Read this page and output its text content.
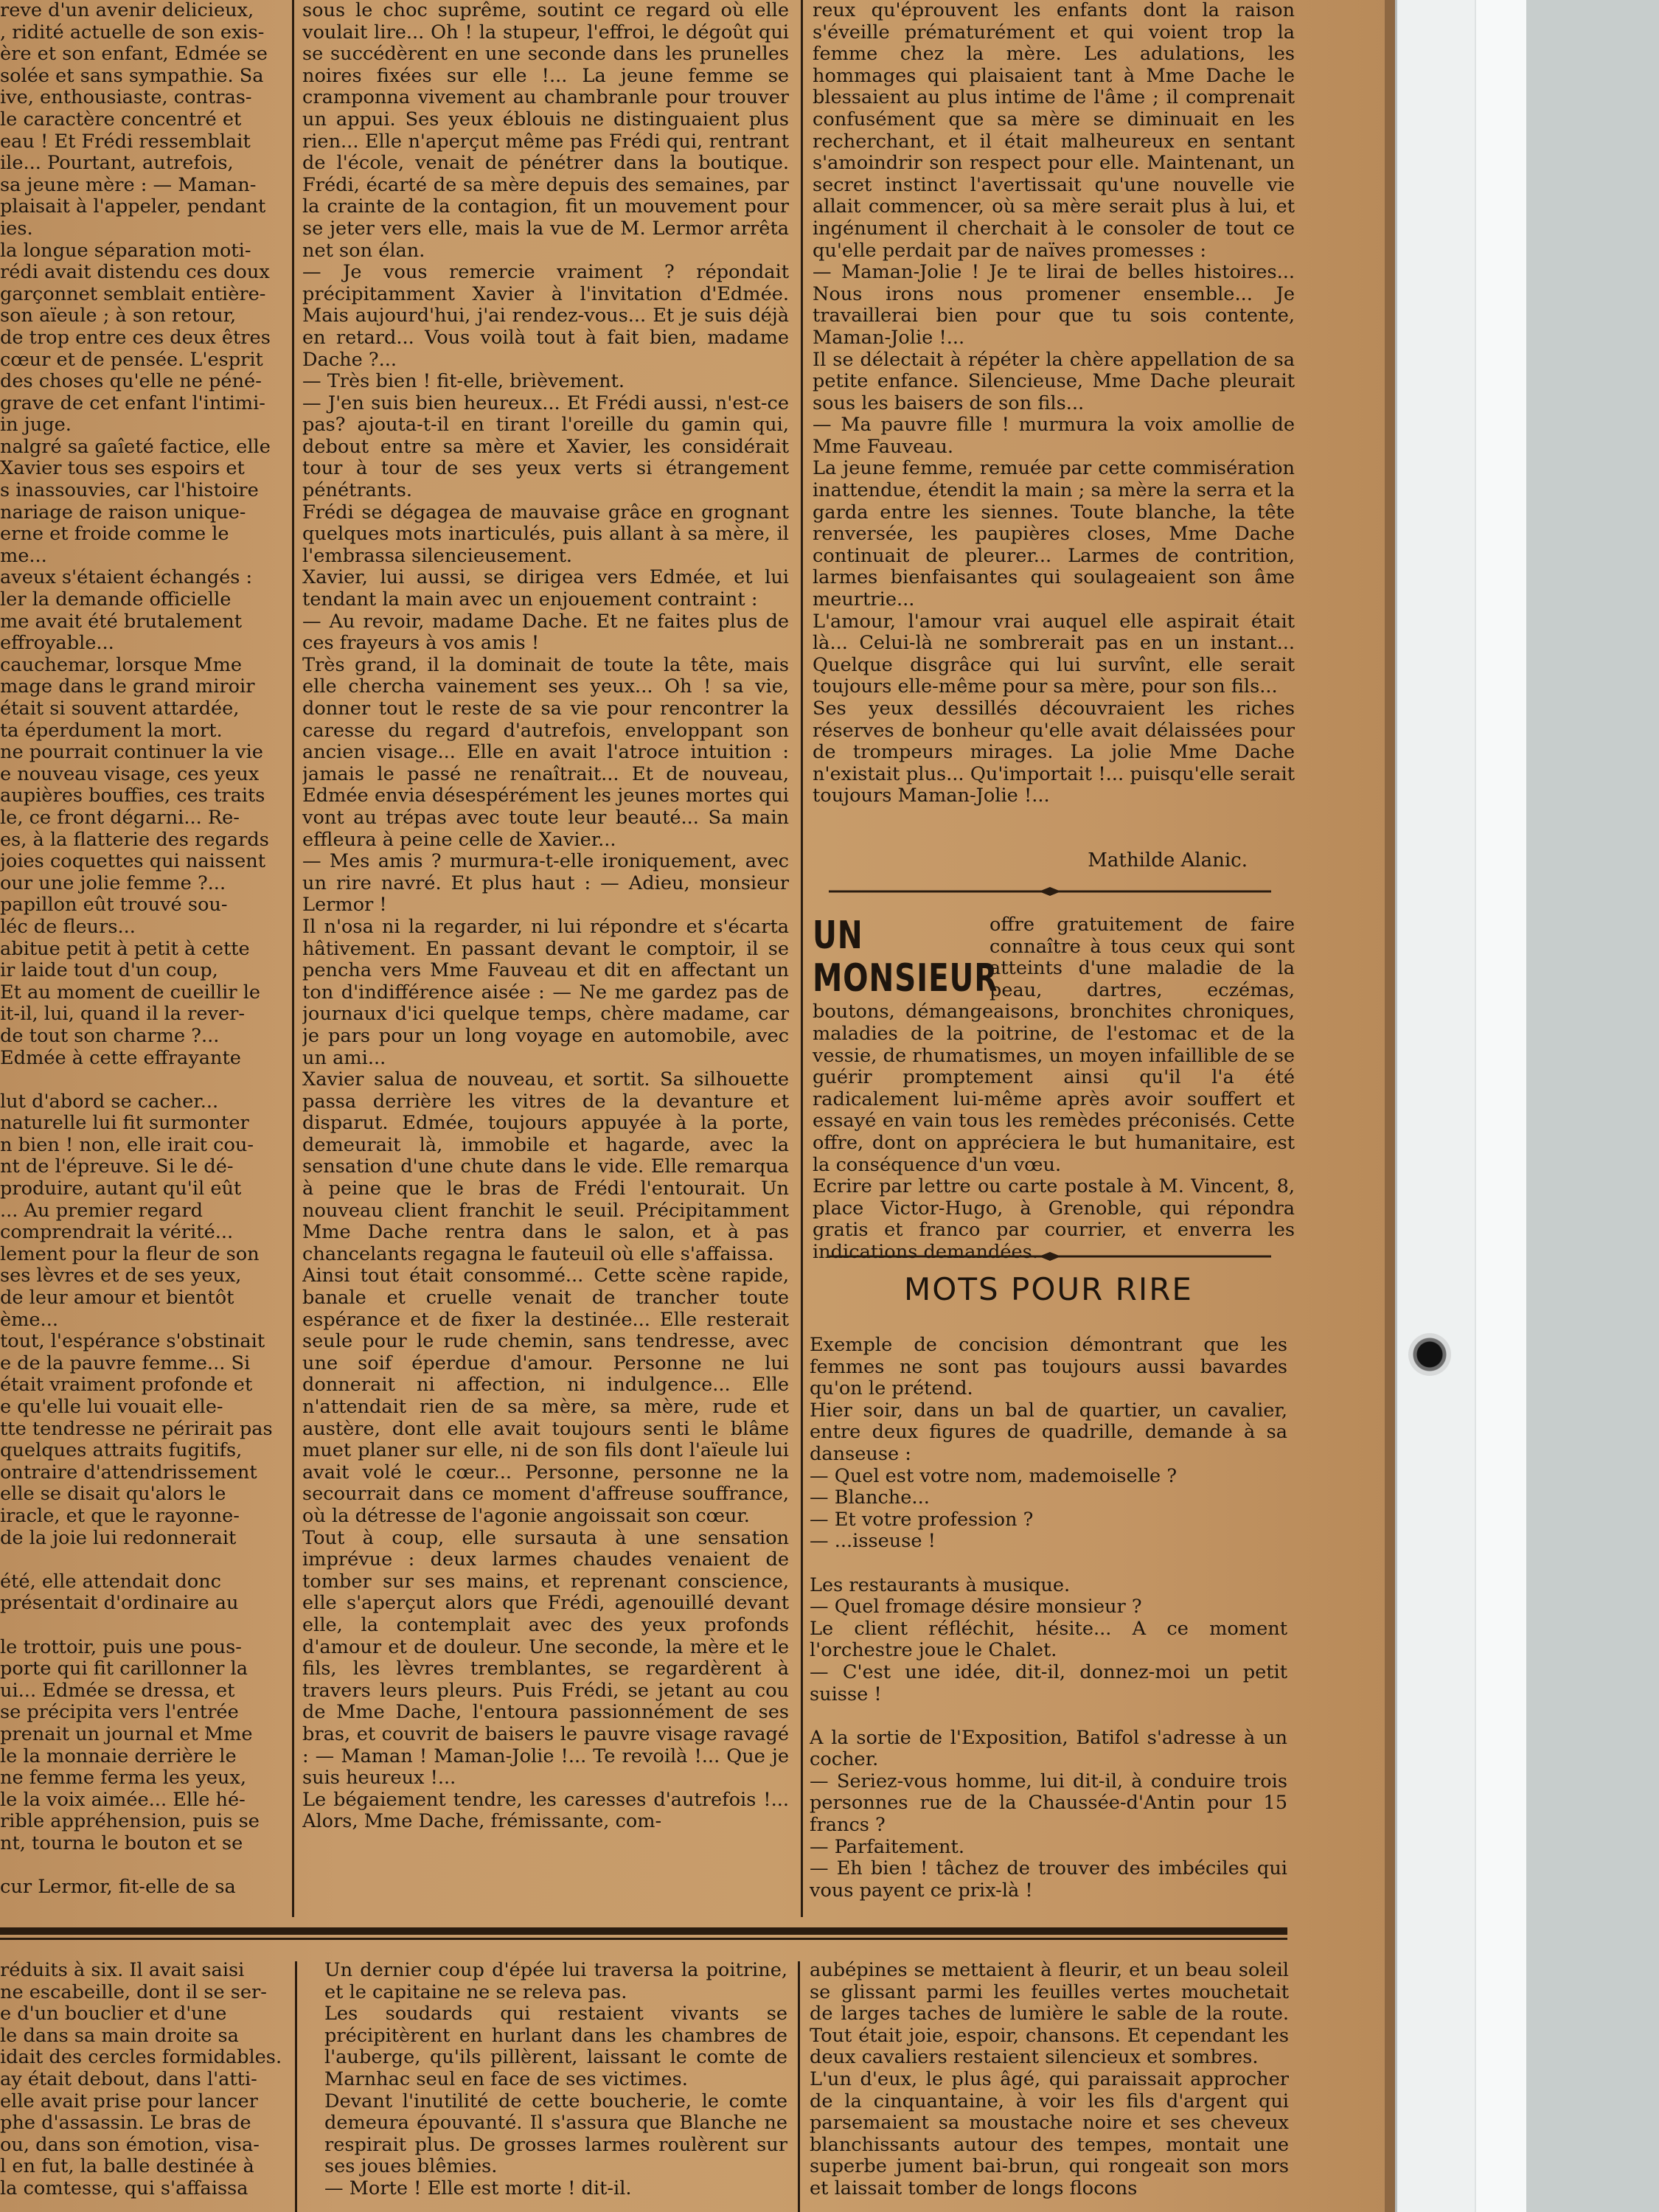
reve d'un avenir delicieux,
, ridité actuelle de son exis-
ère et son enfant, Edmée se
solée et sans sympathie. Sa
ive, enthousiaste, contras-
le caractère concentré et
eau ! Et Frédi ressemblait
ile... Pourtant, autrefois,
sa jeune mère : — Maman-
plaisait à l'appeler, pendant
ies.
la longue séparation moti-
rédi avait distendu ces doux
garçonnet semblait entière-
son aïeule ; à son retour,
de trop entre ces deux êtres
cœur et de pensée. L'esprit
des choses qu'elle ne péné-
grave de cet enfant l'intimi-
in juge.
nalgré sa gaîeté factice, elle
Xavier tous ses espoirs et
s inassouvies, car l'histoire
nariage de raison unique-
erne et froide comme le
me...
aveux s'étaient échangés :
ler la demande officielle
me avait été brutalement
effroyable...
cauchemar, lorsque Mme
mage dans le grand miroir
était si souvent attardée,
ta éperdument la mort.
ne pourrait continuer la vie
e nouveau visage, ces yeux
aupières bouffies, ces traits
le, ce front dégarni... Re-
es, à la flatterie des regards
joies coquettes qui naissent
our une jolie femme ?...
papillon eût trouvé sou-
léc de fleurs...
abitue petit à petit à cette
ir laide tout d'un coup,
Et au moment de cueillir le
it-il, lui, quand il la rever-
de tout son charme ?...
Edmée à cette effrayante

lut d'abord se cacher...
naturelle lui fit surmonter
n bien ! non, elle irait cou-
nt de l'épreuve. Si le dé-
produire, autant qu'il eût
... Au premier regard
comprendrait la vérité...
lement pour la fleur de son
ses lèvres et de ses yeux,
de leur amour et bientôt
ème...
tout, l'espérance s'obstinait
e de la pauvre femme... Si
était vraiment profonde et
e qu'elle lui vouait elle-
tte tendresse ne périrait pas
quelques attraits fugitifs,
ontraire d'attendrissement
elle se disait qu'alors le
iracle, et que le rayonne-
de la joie lui redonnerait

été, elle attendait donc
présentait d'ordinaire au

le trottoir, puis une pous-
porte qui fit carillonner la
ui... Edmée se dressa, et
se précipita vers l'entrée
prenait un journal et Mme
le la monnaie derrière le
ne femme ferma les yeux,
le la voix aimée... Elle hé-
rible appréhension, puis se
nt, tourna le bouton et se

cur Lermor, fit-elle de sa
sous le choc suprême, soutint ce regard où elle voulait lire... Oh ! la stupeur, l'effroi, le dégoût qui se succédèrent en une seconde dans les prunelles noires fixées sur elle !... La jeune femme se cramponna vivement au chambranle pour trouver un appui. Ses yeux éblouis ne distinguaient plus rien... Elle n'aperçut même pas Frédi qui, rentrant de l'école, venait de pénétrer dans la boutique. Frédi, écarté de sa mère depuis des semaines, par la crainte de la contagion, fit un mouvement pour se jeter vers elle, mais la vue de M. Lermor arrêta net son élan.
— Je vous remercie vraiment ? répondait précipitamment Xavier à l'invitation d'Edmée. Mais aujourd'hui, j'ai rendez-vous... Et je suis déjà en retard... Vous voilà tout à fait bien, madame Dache ?...
— Très bien ! fit-elle, brièvement.
— J'en suis bien heureux... Et Frédi aussi, n'est-ce pas? ajouta-t-il en tirant l'oreille du gamin qui, debout entre sa mère et Xavier, les considérait tour à tour de ses yeux verts si étrangement pénétrants.
Frédi se dégagea de mauvaise grâce en grognant quelques mots inarticulés, puis allant à sa mère, il l'embrassa silencieusement.
Xavier, lui aussi, se dirigea vers Edmée, et lui tendant la main avec un enjouement contraint :
— Au revoir, madame Dache. Et ne faites plus de ces frayeurs à vos amis !
Très grand, il la dominait de toute la tête, mais elle chercha vainement ses yeux... Oh ! sa vie, donner tout le reste de sa vie pour rencontrer la caresse du regard d'autrefois, enveloppant son ancien visage... Elle en avait l'atroce intuition : jamais le passé ne renaîtrait... Et de nouveau, Edmée envia désespérément les jeunes mortes qui vont au trépas avec toute leur beauté... Sa main effleura à peine celle de Xavier...
— Mes amis ? murmura-t-elle ironiquement, avec un rire navré. Et plus haut : — Adieu, monsieur Lermor !
Il n'osa ni la regarder, ni lui répondre et s'écarta hâtivement. En passant devant le comptoir, il se pencha vers Mme Fauveau et dit en affectant un ton d'indifférence aisée : — Ne me gardez pas de journaux d'ici quelque temps, chère madame, car je pars pour un long voyage en automobile, avec un ami...
Xavier salua de nouveau, et sortit. Sa silhouette passa derrière les vitres de la devanture et disparut. Edmée, toujours appuyée à la porte, demeurait là, immobile et hagarde, avec la sensation d'une chute dans le vide. Elle remarqua à peine que le bras de Frédi l'entourait. Un nouveau client franchit le seuil. Précipitamment Mme Dache rentra dans le salon, et à pas chancelants regagna le fauteuil où elle s'affaissa.
Ainsi tout était consommé... Cette scène rapide, banale et cruelle venait de trancher toute espérance et de fixer la destinée... Elle resterait seule pour le rude chemin, sans tendresse, avec une soif éperdue d'amour. Personne ne lui donnerait ni affection, ni indulgence... Elle n'attendait rien de sa mère, sa mère, rude et austère, dont elle avait toujours senti le blâme muet planer sur elle, ni de son fils dont l'aïeule lui avait volé le cœur... Personne, personne ne la secourrait dans ce moment d'affreuse souffrance, où la détresse de l'agonie angoissait son cœur.
Tout à coup, elle sursauta à une sensation imprévue : deux larmes chaudes venaient de tomber sur ses mains, et reprenant conscience, elle s'aperçut alors que Frédi, agenouillé devant elle, la contemplait avec des yeux profonds d'amour et de douleur. Une seconde, la mère et le fils, les lèvres tremblantes, se regardèrent à travers leurs pleurs. Puis Frédi, se jetant au cou de Mme Dache, l'entoura passionnément de ses bras, et couvrit de baisers le pauvre visage ravagé : — Maman ! Maman-Jolie !... Te revoilà !... Que je suis heureux !...
Le bégaiement tendre, les caresses d'autrefois !... Alors, Mme Dache, frémissante, com-
reux qu'éprouvent les enfants dont la raison s'éveille prématurément et qui voient trop la femme chez la mère. Les adulations, les hommages qui plaisaient tant à Mme Dache le blessaient au plus intime de l'âme ; il comprenait confusément que sa mère se diminuait en les recherchant, et il était malheureux en sentant s'amoindrir son respect pour elle. Maintenant, un secret instinct l'avertissait qu'une nouvelle vie allait commencer, où sa mère serait plus à lui, et ingénument il cherchait à le consoler de tout ce qu'elle perdait par de naïves promesses :
— Maman-Jolie ! Je te lirai de belles histoires... Nous irons nous promener ensemble... Je travaillerai bien pour que tu sois contente, Maman-Jolie !...
Il se délectait à répéter la chère appellation de sa petite enfance. Silencieuse, Mme Dache pleurait sous les baisers de son fils...
— Ma pauvre fille ! murmura la voix amollie de Mme Fauveau.
La jeune femme, remuée par cette commisération inattendue, étendit la main ; sa mère la serra et la garda entre les siennes. Toute blanche, la tête renversée, les paupières closes, Mme Dache continuait de pleurer... Larmes de contrition, larmes bienfaisantes qui soulageaient son âme meurtrie...
L'amour, l'amour vrai auquel elle aspirait était là... Celui-là ne sombrerait pas en un instant... Quelque disgrâce qui lui survînt, elle serait toujours elle-même pour sa mère, pour son fils...
Ses yeux dessillés découvraient les riches réserves de bonheur qu'elle avait délaissées pour de trompeurs mirages. La jolie Mme Dache n'existait plus... Qu'importait !... puisqu'elle serait toujours Maman-Jolie !...
Mathilde Alanic.
UN MONSIEUR
offre gratuitement de faire connaître à tous ceux qui sont atteints d'une maladie de la peau, dartres, eczémas, boutons, démangeaisons, bronchites chroniques, maladies de la poitrine, de l'estomac et de la vessie, de rhumatismes, un moyen infaillible de se guérir promptement ainsi qu'il l'a été radicalement lui-même après avoir souffert et essayé en vain tous les remèdes préconisés. Cette offre, dont on appréciera le but humanitaire, est la conséquence d'un vœu.
Ecrire par lettre ou carte postale à M. Vincent, 8, place Victor-Hugo, à Grenoble, qui répondra gratis et franco par courrier, et enverra les indications demandées.
MOTS POUR RIRE
Exemple de concision démontrant que les femmes ne sont pas toujours aussi bavardes qu'on le prétend.
Hier soir, dans un bal de quartier, un cavalier, entre deux figures de quadrille, demande à sa danseuse :
— Quel est votre nom, mademoiselle ?
— Blanche...
— Et votre profession ?
— ...isseuse !

Les restaurants à musique.
— Quel fromage désire monsieur ?
Le client réfléchit, hésite... A ce moment l'orchestre joue le Chalet.
— C'est une idée, dit-il, donnez-moi un petit suisse !

A la sortie de l'Exposition, Batifol s'adresse à un cocher.
— Seriez-vous homme, lui dit-il, à conduire trois personnes rue de la Chaussée-d'Antin pour 15 francs ?
— Parfaitement.
— Eh bien ! tâchez de trouver des imbéciles qui vous payent ce prix-là !
réduits à six. Il avait saisi
ne escabeille, dont il se ser-
e d'un bouclier et d'une
le dans sa main droite sa
idait des cercles formidables.
ay était debout, dans l'atti-
elle avait prise pour lancer
phe d'assassin. Le bras de
ou, dans son émotion, visa-
l en fut, la balle destinée à
la comtesse, qui s'affaissa
Un dernier coup d'épée lui traversa la poitrine, et le capitaine ne se releva pas.
Les soudards qui restaient vivants se précipitèrent en hurlant dans les chambres de l'auberge, qu'ils pillèrent, laissant le comte de Marnhac seul en face de ses victimes.
Devant l'inutilité de cette boucherie, le comte demeura épouvanté. Il s'assura que Blanche ne respirait plus. De grosses larmes roulèrent sur ses joues blêmies.
— Morte ! Elle est morte ! dit-il.
aubépines se mettaient à fleurir, et un beau soleil se glissant parmi les feuilles vertes mouchetait de larges taches de lumière le sable de la route. Tout était joie, espoir, chansons. Et cependant les deux cavaliers restaient silencieux et sombres.
L'un d'eux, le plus âgé, qui paraissait approcher de la cinquantaine, à voir les fils d'argent qui parsemaient sa moustache noire et ses cheveux blanchissants autour des tempes, montait une superbe jument bai-brun, qui rongeait son mors et laissait tomber de longs flocons
